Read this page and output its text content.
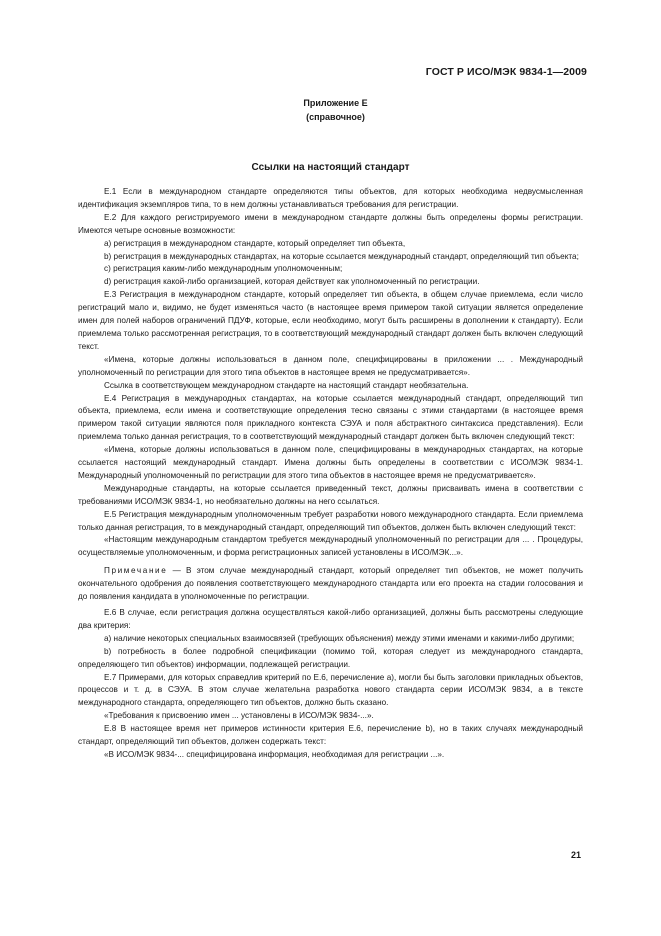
ГОСТ Р ИСО/МЭК 9834-1—2009
Приложение Е
(справочное)
Ссылки на настоящий стандарт

Е.1 Если в международном стандарте определяются типы объектов, для которых необходима недвусмысленная идентификация экземпляров типа, то в нем должны устанавливаться требования для регистрации.

Е.2 Для каждого регистрируемого имени в международном стандарте должны быть определены формы регистрации. Имеются четыре основные возможности:

a) регистрация в международном стандарте, который определяет тип объекта,

b) регистрация в международных стандартах, на которые ссылается международный стандарт, определяющий тип объекта;

c) регистрация каким-либо международным уполномоченным;

d) регистрация какой-либо организацией, которая действует как уполномоченный по регистрации.

Е.3 Регистрация в международном стандарте, который определяет тип объекта, в общем случае приемлема, если число регистраций мало и, видимо, не будет изменяться часто (в настоящее время примером такой ситуации является определение имен для полей наборов ограничений ПДУФ, которые, если необходимо, могут быть расширены в дополнении к стандарту). Если приемлема только рассмотренная регистрация, то в соответствующий международный стандарт должен быть включен следующий текст.

«Имена, которые должны использоваться в данном поле, специфицированы в приложении ... . Международный уполномоченный по регистрации для этого типа объектов в настоящее время не предусматривается».

Ссылка в соответствующем международном стандарте на настоящий стандарт необязательна.

Е.4 Регистрация в международных стандартах, на которые ссылается международный стандарт, определяющий тип объекта, приемлема, если имена и соответствующие определения тесно связаны с этими стандартами (в настоящее время примером такой ситуации являются поля прикладного контекста СЭУА и поля абстрактного синтаксиса представления). Если приемлема только данная регистрация, то в соответствующий международный стандарт должен быть включен следующий текст:

«Имена, которые должны использоваться в данном поле, специфицированы в международных стандартах, на которые ссылается настоящий международный стандарт. Имена должны быть определены в соответствии с ИСО/МЭК 9834-1. Международный уполномоченный по регистрации для этого типа объектов в настоящее время не предусматривается».

Международные стандарты, на которые ссылается приведенный текст, должны присваивать имена в соответствии с требованиями ИСО/МЭК 9834-1, но необязательно должны на него ссылаться.

Е.5 Регистрация международным уполномоченным требует разработки нового международного стандарта. Если приемлема только данная регистрация, то в международный стандарт, определяющий тип объектов, должен быть включен следующий текст:

«Настоящим международным стандартом требуется международный уполномоченный по регистрации для ... . Процедуры, осуществляемые уполномоченным, и форма регистрационных записей установлены в ИСО/МЭК...».

Примечание — В этом случае международный стандарт, который определяет тип объектов, не может получить окончательного одобрения до появления соответствующего международного стандарта или его проекта на стадии голосования и до появления кандидата в уполномоченные по регистрации.

Е.6 В случае, если регистрация должна осуществляться какой-либо организацией, должны быть рассмотрены следующие два критерия:

a) наличие некоторых специальных взаимосвязей (требующих объяснения) между этими именами и какими-либо другими;

b) потребность в более подробной спецификации (помимо той, которая следует из международного стандарта, определяющего тип объектов) информации, подлежащей регистрации.

Е.7 Примерами, для которых справедлив критерий по Е.6, перечисление а), могли бы быть заголовки прикладных объектов, процессов и т. д. в СЭУА. В этом случае желательна разработка нового стандарта серии ИСО/МЭК 9834, а в тексте международного стандарта, определяющего тип объектов, должно быть сказано.

«Требования к присвоению имен ... установлены в ИСО/МЭК 9834-...».

Е.8 В настоящее время нет примеров истинности критерия Е.6, перечисление b), но в таких случаях международный стандарт, определяющий тип объектов, должен содержать текст:

«В ИСО/МЭК 9834-... специфицирована информация, необходимая для регистрации ...».

21
